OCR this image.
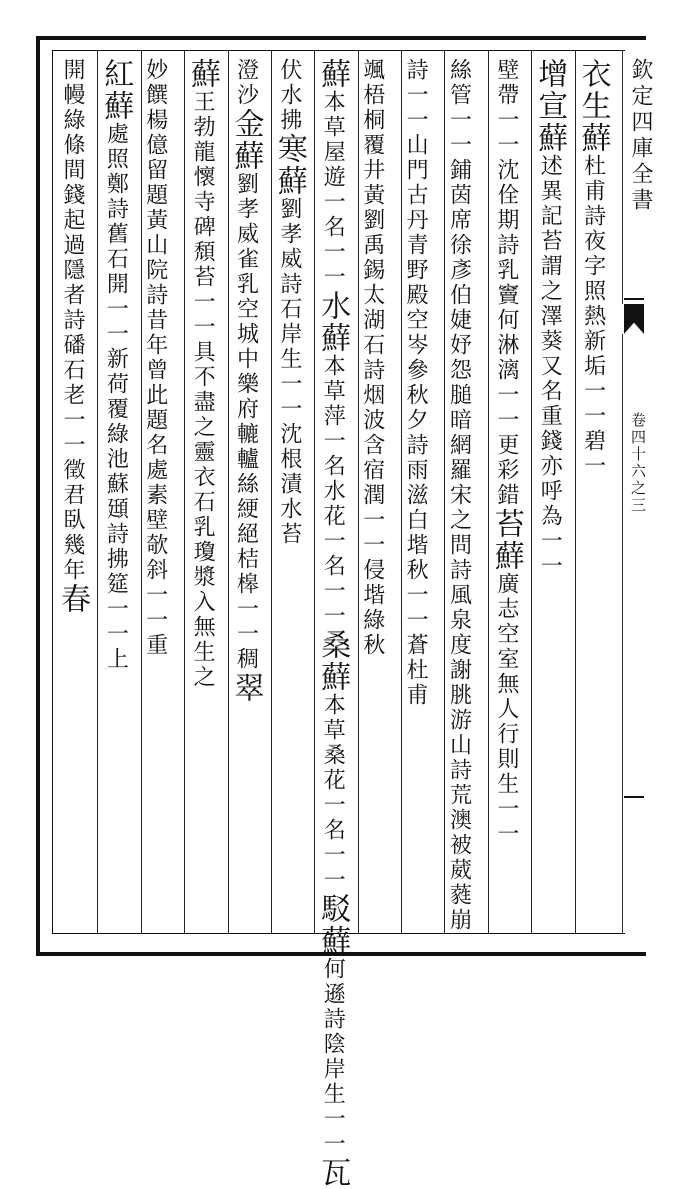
衣生蘚杜甫詩夜字照熱新垢一一碧一
增宣蘚述異記苔謂之澤葵又名重錢亦呼為一一
壁帶一一沈佺期詩乳竇何淋漓一一更彩錯苔蘚廣志空室無人行則生一一
絲管一一鋪茵席徐彥伯婕妤怨膇暗網羅宋之問詩風泉度謝朓游山詩荒澳被葳蕤崩
詩一一山門古丹青野殿空岑參秋夕詩雨滋白堦秋一一蒼杜甫
颯梧桐覆井黃劉禹錫太湖石詩烟波含宿潤一一侵堦綠秋
蘚本草屋遊一名一一水蘚本草萍一名水花一名一一桑蘚本草桑花一名一一駁蘚何遜詩陰岸生一一瓦
伏水拂寒蘚劉孝威詩石岸生一一沈根漬水苔
澄沙金蘚劉孝威雀乳空城中樂府轆轤絲綆絕桔槔一一稠翠
蘚王勃龍懷寺碑頹苔一一具不盡之靈衣石乳瓊漿入無生之
妙饌楊億留題黃山院詩昔年曾此題名處素壁欹斜一一重
紅蘚處照鄭詩舊石開一一新荷覆綠池蘇頲詩拂筵一一上
開幔綠條間錢起過隱者詩磻石老一一徵君臥幾年春
欽定四庫全書
卷四十六之三
